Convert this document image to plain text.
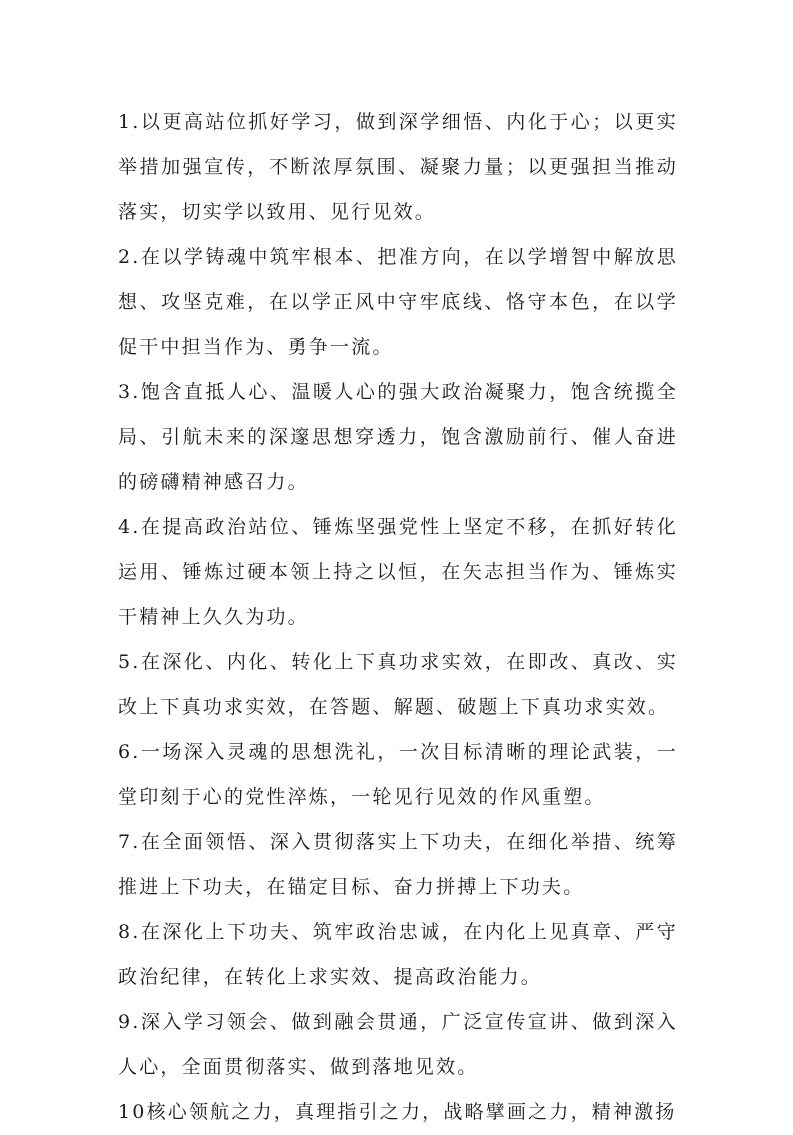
1.以更高站位抓好学习，做到深学细悟、内化于心；以更实举措加强宣传，不断浓厚氛围、凝聚力量；以更强担当推动落实，切实学以致用、见行见效。

2.在以学铸魂中筑牢根本、把准方向，在以学增智中解放思想、攻坚克难，在以学正风中守牢底线、恪守本色，在以学促干中担当作为、勇争一流。

3.饱含直抵人心、温暖人心的强大政治凝聚力，饱含统揽全局、引航未来的深邃思想穿透力，饱含激励前行、催人奋进的磅礴精神感召力。

4.在提高政治站位、锤炼坚强党性上坚定不移，在抓好转化运用、锤炼过硬本领上持之以恒，在矢志担当作为、锤炼实干精神上久久为功。

5.在深化、内化、转化上下真功求实效，在即改、真改、实改上下真功求实效，在答题、解题、破题上下真功求实效。

6.一场深入灵魂的思想洗礼，一次目标清晰的理论武装，一堂印刻于心的党性淬炼，一轮见行见效的作风重塑。

7.在全面领悟、深入贯彻落实上下功夫，在细化举措、统筹推进上下功夫，在锚定目标、奋力拼搏上下功夫。

8.在深化上下功夫、筑牢政治忠诚，在内化上见真章、严守政治纪律，在转化上求实效、提高政治能力。

9.深入学习领会、做到融会贯通，广泛宣传宣讲、做到深入人心，全面贯彻落实、做到落地见效。

10核心领航之力，真理指引之力，战略擘画之力，精神激扬
